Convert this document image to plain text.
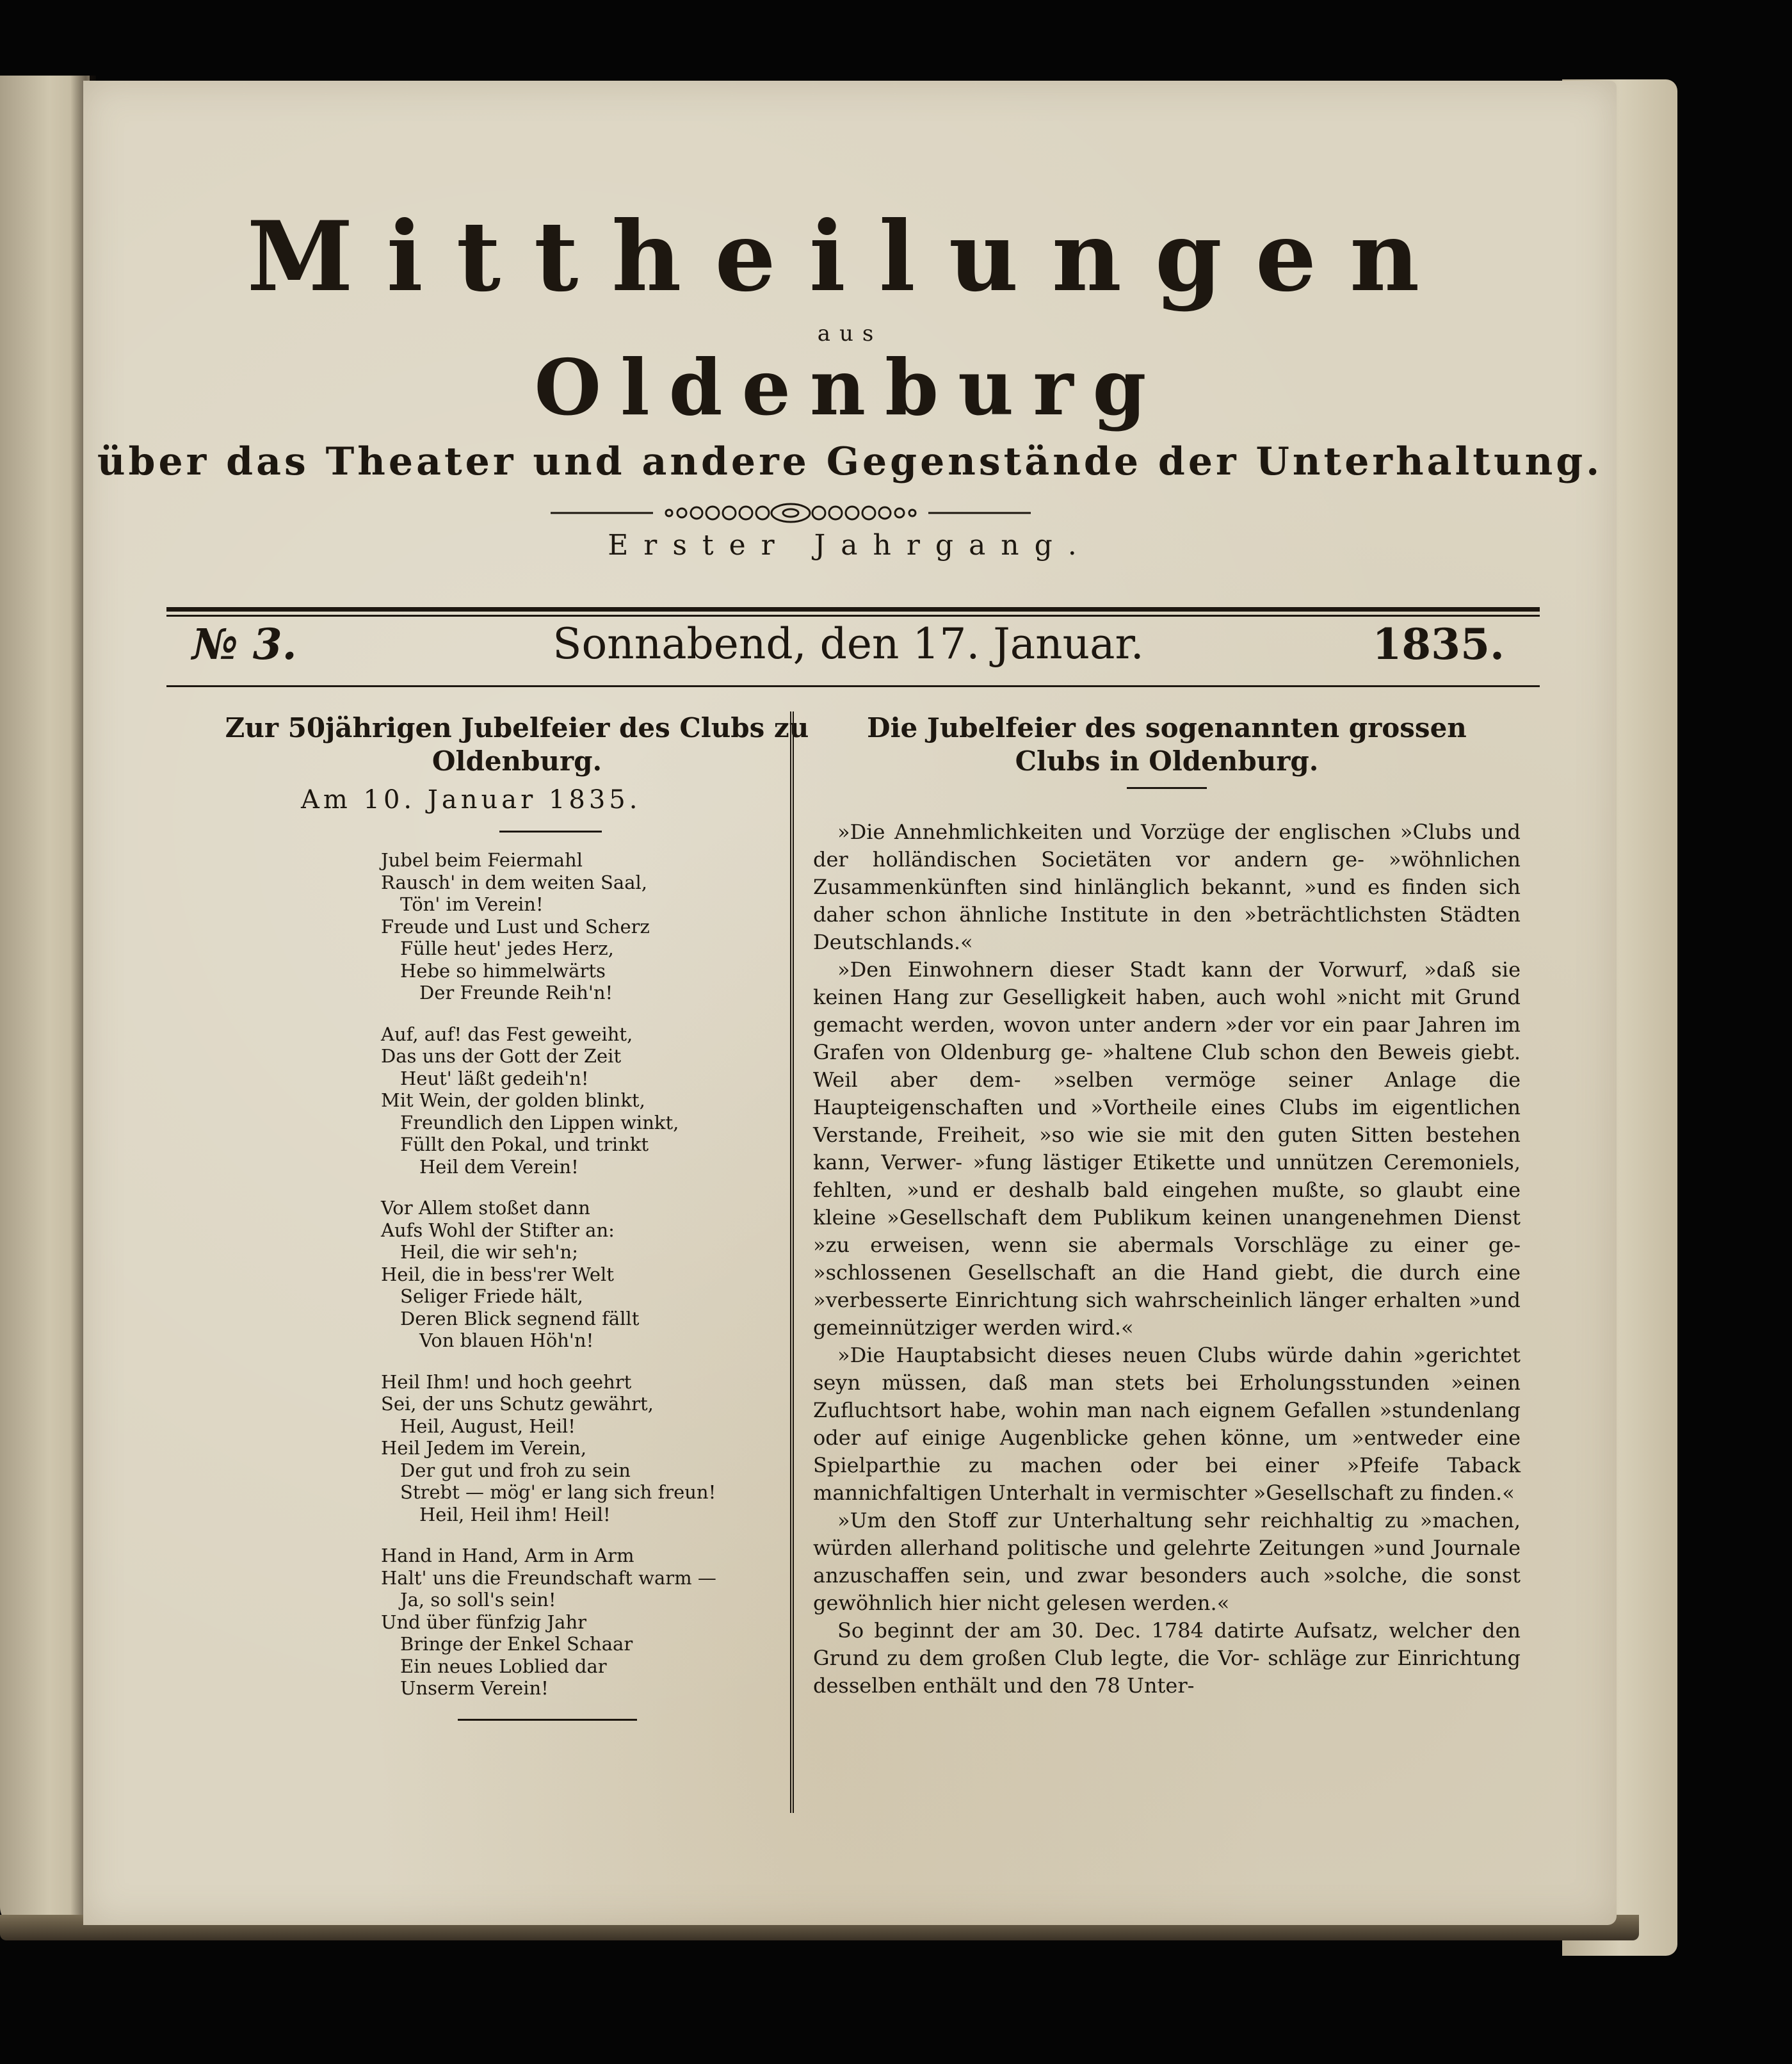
Mittheilungen
aus
Oldenburg
über das Theater und andere Gegenstände der Unterhaltung.
Erster Jahrgang.
№ 3.	Sonnabend, den 17. Januar.	1835.
Zur 50jährigen Jubelfeier des Clubs zu
Oldenburg.
Am 10. Januar 1835.
Jubel beim Feiermahl
Rausch' in dem weiten Saal,
Tön' im Verein!
Freude und Lust und Scherz
Fülle heut' jedes Herz,
Hebe so himmelwärts
Der Freunde Reih'n!
Auf, auf! das Fest geweiht,
Das uns der Gott der Zeit
Heut' läßt gedeih'n!
Mit Wein, der golden blinkt,
Freundlich den Lippen winkt,
Füllt den Pokal, und trinkt
Heil dem Verein!
Vor Allem stoßet dann
Aufs Wohl der Stifter an:
Heil, die wir seh'n;
Heil, die in bess'rer Welt
Seliger Friede hält,
Deren Blick segnend fällt
Von blauen Höh'n!
Heil Ihm! und hoch geehrt
Sei, der uns Schutz gewährt,
Heil, August, Heil!
Heil Jedem im Verein,
Der gut und froh zu sein
Strebt — mög' er lang sich freun!
Heil, Heil ihm! Heil!
Hand in Hand, Arm in Arm
Halt' uns die Freundschaft warm —
Ja, so soll's sein!
Und über fünfzig Jahr
Bringe der Enkel Schaar
Ein neues Loblied dar
Unserm Verein!
Die Jubelfeier des sogenannten grossen
Clubs in Oldenburg.

»Die Annehmlichkeiten und Vorzüge der englischen »Clubs und der holländischen Societäten vor andern ge- »wöhnlichen Zusammenkünften sind hinlänglich bekannt, »und es finden sich daher schon ähnliche Institute in den »beträchtlichsten Städten Deutschlands.«

»Den Einwohnern dieser Stadt kann der Vorwurf, »daß sie keinen Hang zur Geselligkeit haben, auch wohl »nicht mit Grund gemacht werden, wovon unter andern »der vor ein paar Jahren im Grafen von Oldenburg ge- »haltene Club schon den Beweis giebt. Weil aber dem- »selben vermöge seiner Anlage die Haupteigenschaften und »Vortheile eines Clubs im eigentlichen Verstande, Freiheit, »so wie sie mit den guten Sitten bestehen kann, Verwer- »fung lästiger Etikette und unnützen Ceremoniels, fehlten, »und er deshalb bald eingehen mußte, so glaubt eine kleine »Gesellschaft dem Publikum keinen unangenehmen Dienst »zu erweisen, wenn sie abermals Vorschläge zu einer ge- »schlossenen Gesellschaft an die Hand giebt, die durch eine »verbesserte Einrichtung sich wahrscheinlich länger erhalten »und gemeinnütziger werden wird.«

»Die Hauptabsicht dieses neuen Clubs würde dahin »gerichtet seyn müssen, daß man stets bei Erholungsstunden »einen Zufluchtsort habe, wohin man nach eignem Gefallen »stundenlang oder auf einige Augenblicke gehen könne, um »entweder eine Spielparthie zu machen oder bei einer »Pfeife Taback mannichfaltigen Unterhalt in vermischter »Gesellschaft zu finden.«

»Um den Stoff zur Unterhaltung sehr reichhaltig zu »machen, würden allerhand politische und gelehrte Zeitungen »und Journale anzuschaffen sein, und zwar besonders auch »solche, die sonst gewöhnlich hier nicht gelesen werden.«

So beginnt der am 30. Dec. 1784 datirte Aufsatz, welcher den Grund zu dem großen Club legte, die Vor- schläge zur Einrichtung desselben enthält und den 78 Unter-
